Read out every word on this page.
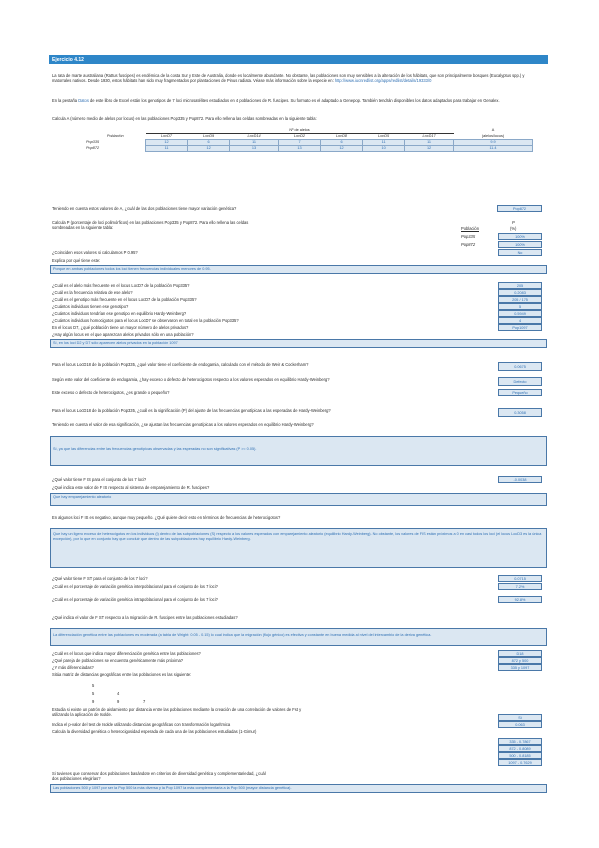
Ejercicio 4.12
La rata de marte australiana (Rattus fuscipes) es endémica de la costa Sur y Este de Australia, donde es localmente abundante. No obstante, las poblaciones son muy sensibles a la alteración de los hábitats, que son principalmente bosques (Eucalyptus spp.) y matorrales nativos. Desde 1930, estos hábitats han sido muy fragmentados por plantaciones de Pinus radiata. Véase más información sobre la especie en: http://www.iucnredlist.org/apps/redlist/details/19333/0
En la pestaña Datos de este libro de Excel están los genotipos de 7 loci microsatélites estudiados en 4 poblaciones de R. fuscipes. Su formato es el adaptado a Genepop. También tendrán disponibles los datos adaptados para trabajar en Genalex.
Calcula A (número medio de alelos por locus) en las poblaciones Pop335 y Pop872. Para ello rellena las celdas sombreadas en la siguiente tabla:
	Nº de alelos							A
Población	LocD7	LocD9	LocD14	LocD2	LocD8	LocD5	LocD17	(alelos/locus)
Pop335	12	6	11	7	6	11	11	9.9
Pop872	11	12	13	13	12	10	12	11.4
Teniendo en cuenta estos valores de A, ¿cuál de las dos poblaciones tiene mayor variación genética?	Pop872
Calcula P (porcentaje de loci polimórficos) en las poblaciones Pop335 y Pop872. Para ello rellena las celdas sombreadas en la siguiente tabla:
P
(%)
Población
Pop335	100%
Pop872	100%
¿Coinciden esos valores si calculamos P 0.95?	No
Explica por qué tiene este:
Porque en ambas poblaciones todos los loci tienen frecuencias individuales menores de 0.95.
¿Cuál es el alelo más frecuente en el locus LocD7 de la población Pop335?	205
¿Cuál es la frecuencia relativa de ese alelo?	0.2083
¿Cuál es el genotipo más frecuente en el locus LocD7 de la población Pop335?	205 / 175
¿Cuántos individuos tienen ese genotipo?	5
¿Cuántos individuos tendrían ese genotipo en equilibrio Hardy-Weinberg?	0.5949
¿Cuántos individuos homocigotos para el locus LocD7 se observaron en total en la población Pop335?	4
En el locus D7, ¿qué población tiene un mayor número de alelos privados?	Pop1097
¿Hay algún locus en el que aparezcan alelos privados sólo en una población?
Sí, en los loci D2 y D7 sólo aparecen alelos privados en la población 1097
Para el locus LocD18 de la población Pop335, ¿qué valor tiene el coeficiente de endogamia, calculado con el método de Weir & Cockerham?	0.0675
Según este valor del coeficiente de endogamia, ¿hay exceso o defecto de heterocigotos respecto a los valores esperados en equilibrio Hardy-Weinberg?	Defecto
Este exceso o defecto de heterocigotos, ¿es grande o pequeño?	Pequeño
Para el locus LocD18 de la población Pop335, ¿cuál es la significación (P) del ajuste de las frecuencias genotípicas a las esperadas de Hardy-Weinberg?	0.3058
Teniendo en cuenta el valor de esa significación, ¿se ajustan las frecuencias genotípicas a los valores esperados en equilibrio Hardy-Weinberg?
Sí, ya que las diferencias entre las frecuencias genotípicas observadas y las esperadas no son significativas (P >= 0.05).
¿Qué valor tiene F IS para el conjunto de los 7 loci?	-0.0038
¿Qué indica este valor de F IS respecto al sistema de emparejamiento de R. fuscipes?
Que hay emparejamiento aleatorio
En algunos loci F IS es negativo, aunque muy pequeño. ¿Qué quiere decir esto en términos de frecuencias de heterocigotos?
Que hay un ligero exceso de heterocigotos en los individuos (i) dentro de las subpoblaciones (S) respecto a los valores esperados con emparejamiento aleatorio (equilibrio Hardy-Weinberg). No obstante, los valores de FIS están próximos a 0 en casi todos los loci (el locus LocD3 es la única excepción), por lo que en conjunto hay que concluir que dentro de las subpoblaciones hay equilibrio Hardy-Weinberg.
¿Qué valor tiene F ST para el conjunto de los 7 loci?	0.0715
¿Cuál es el porcentaje de variación genética interpoblacional para el conjunto de los 7 loci?	7.2%
¿Cuál es el porcentaje de variación genética intrapoblacional para el conjunto de los 7 loci?	92.8%
¿Qué indica el valor de F ST respecto a la migración de R. fuscipes entre las poblaciones estudiadas?
La diferenciación genética entre las poblaciones es moderada (a tabla de Wright: 0.05 - 0.15) lo cual indica que la migración (flujo génico) es efectiva y constante en buena medida al nivel del intercambio de la deriva genética.
¿Cuál es el locus que indica mayor diferenciación genética entre las poblaciones?	D18
¿Qué pareja de poblaciones se encuentra genéticamente más próxima?	872 y 500
¿Y más diferenciadas?	335 y 1097
Sitúa matriz de distancias geográficas entre las poblaciones es las siguiente:
5
5	4
9	9	7
Estudia si existe un patrón de aislamiento por distancia entre las poblaciones mediante la creación de una correlación de valores de Fst y utilizando la aplicación de Isolde.
Sí
Indica el p-valor del test de Isolde utilizando distancias geográficas con transformación logarítmica	0.063
Calcula la diversidad genética o heterocigosidad esperada de cada una de las poblaciones estudiadas (1-Gimur)
335 - 0.7867
872 - 0.8089
500 - 0.8185
1097 - 0.7629
Si tuvieses que conservar dos poblaciones basándote en criterios de diversidad genética y complementariedad, ¿cuál dos poblaciones elegirías?
Las poblaciones 500 y 1097 por ser la Pop 500 la más diversa y la Pop 1097 la más complementaria a la Pop 500 (mayor distancia genética).
